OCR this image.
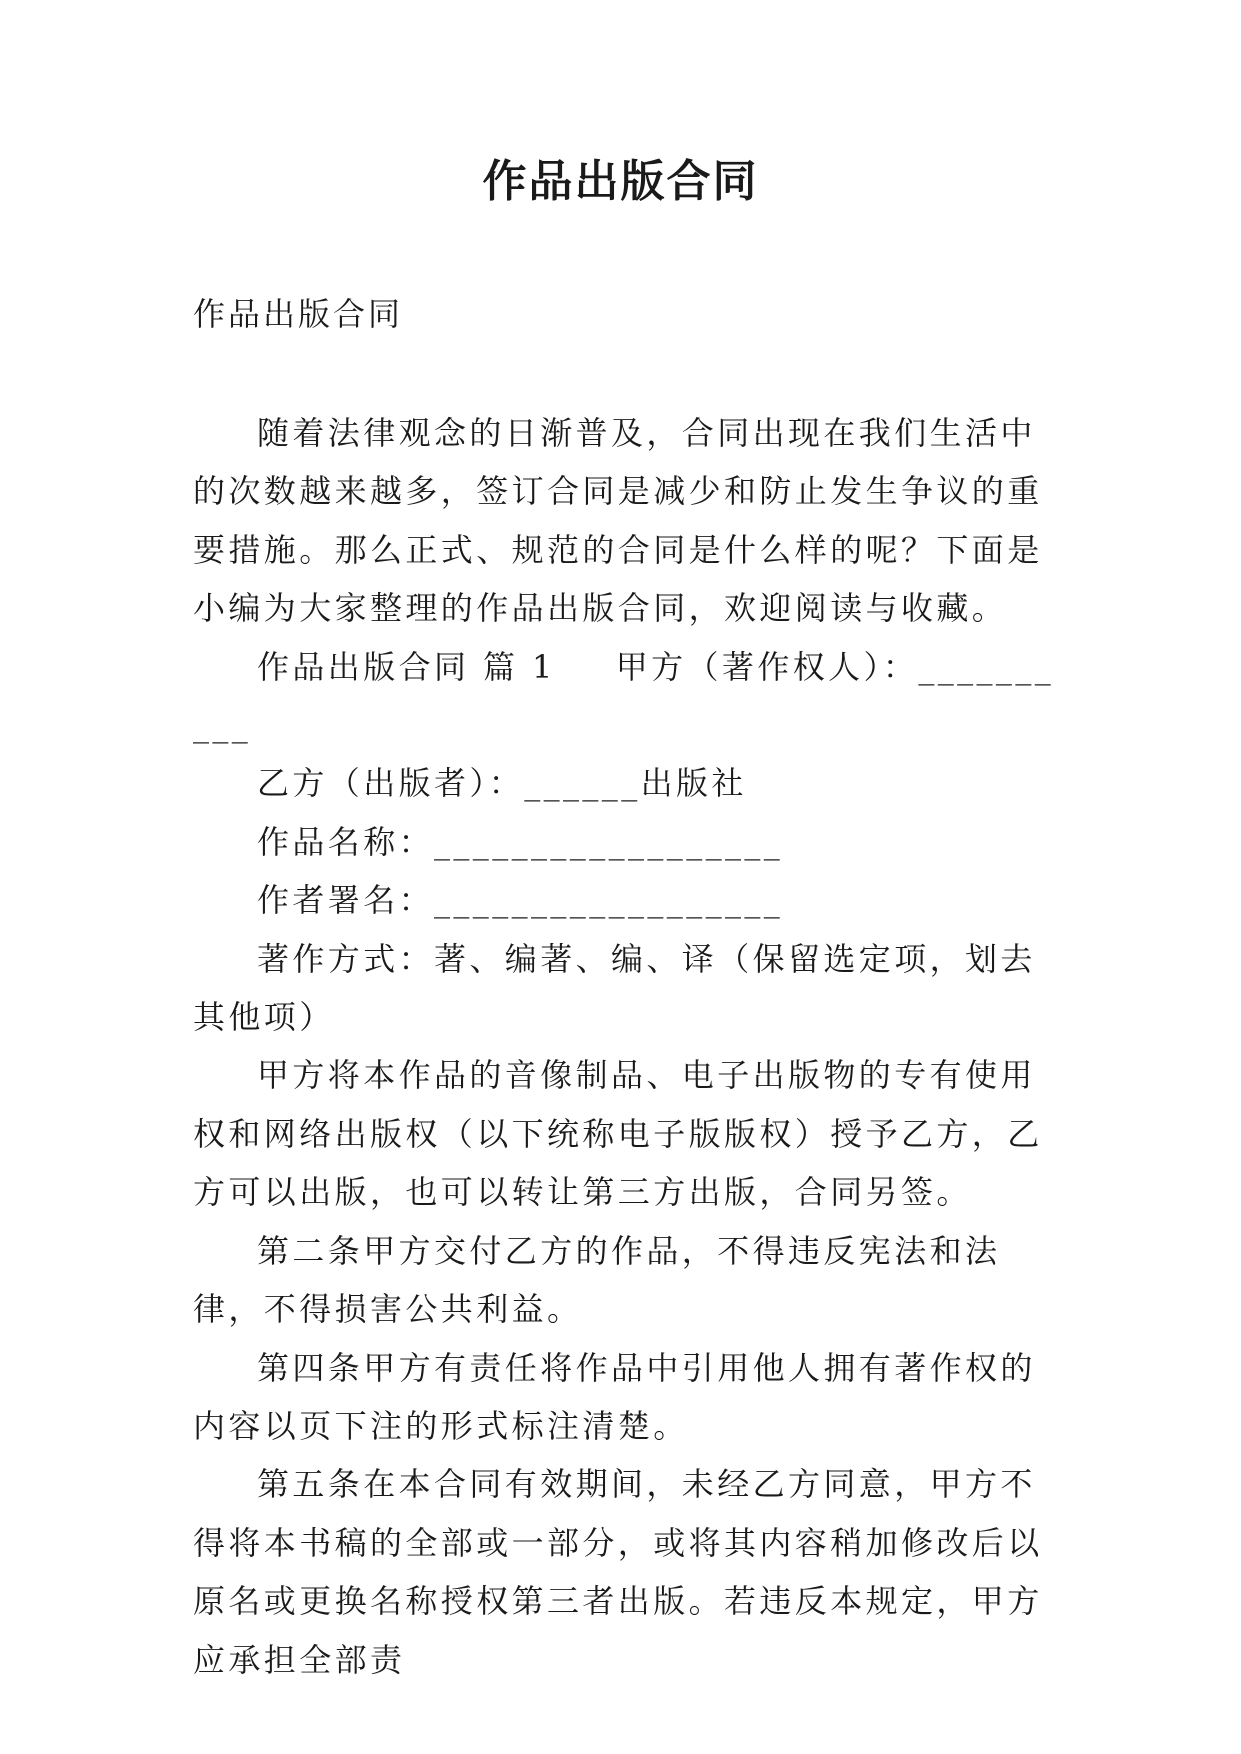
作品出版合同
作品出版合同

随着法律观念的日渐普及，合同出现在我们生活中的次数越来越多，签订合同是减少和防止发生争议的重要措施。那么正式、规范的合同是什么样的呢？下面是小编为大家整理的作品出版合同，欢迎阅读与收藏。

作品出版合同 篇 1 甲方（著作权人）：__________

乙方（出版者）：______出版社

作品名称：__________________

作者署名：__________________

著作方式：著、编著、编、译（保留选定项，划去其他项）

甲方将本作品的音像制品、电子出版物的专有使用权和网络出版权（以下统称电子版版权）授予乙方，乙方可以出版，也可以转让第三方出版，合同另签。

第二条甲方交付乙方的作品，不得违反宪法和法律，不得损害公共利益。

第四条甲方有责任将作品中引用他人拥有著作权的内容以页下注的形式标注清楚。

第五条在本合同有效期间，未经乙方同意，甲方不得将本书稿的全部或一部分，或将其内容稍加修改后以原名或更换名称授权第三者出版。若违反本规定，甲方应承担全部责
